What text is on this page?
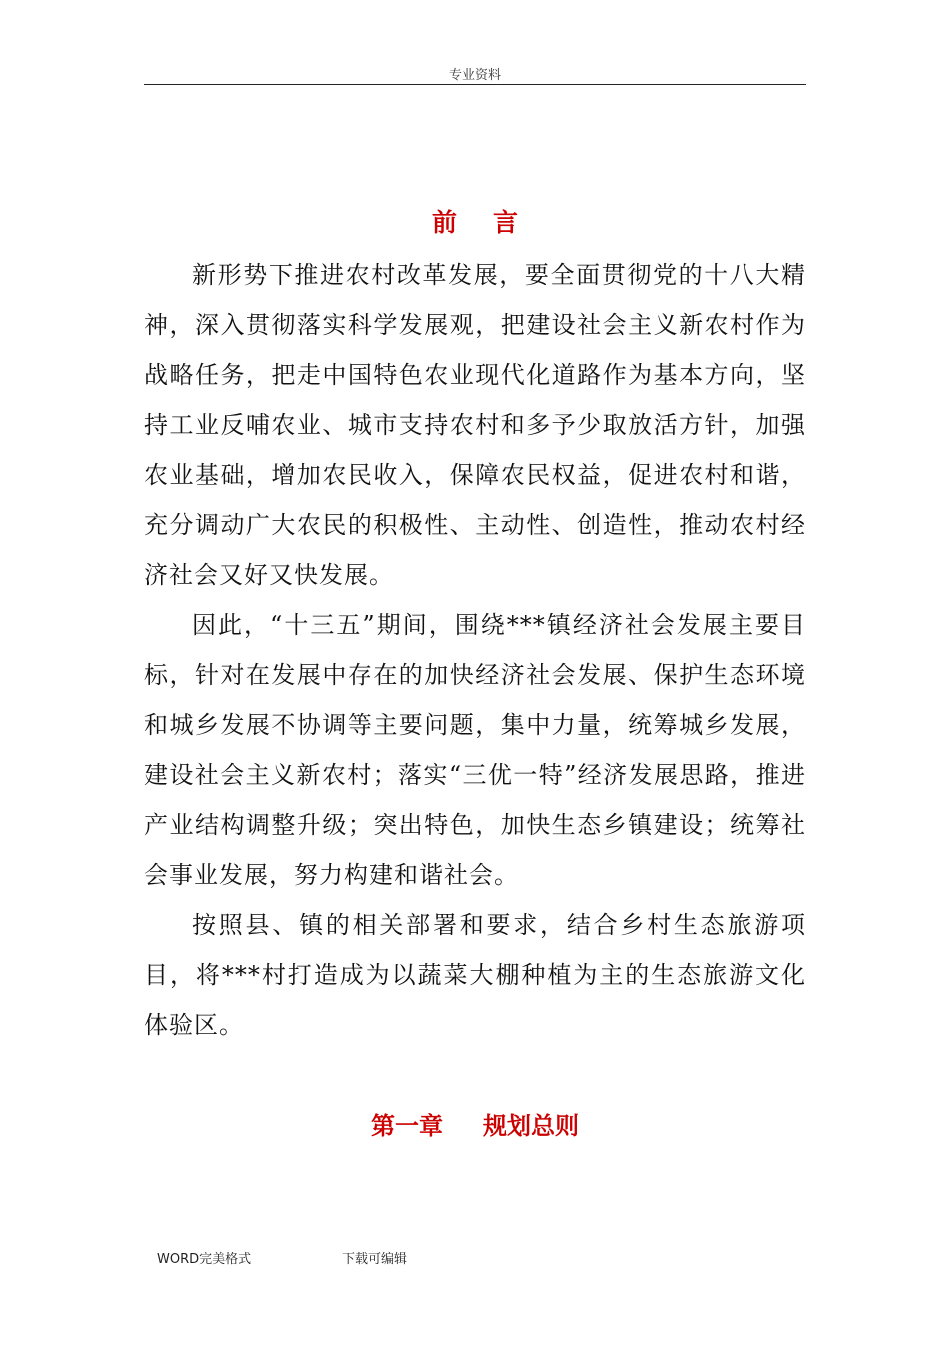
专业资料
前言

新形势下推进农村改革发展，要全面贯彻党的十八大精神，深入贯彻落实科学发展观，把建设社会主义新农村作为战略任务，把走中国特色农业现代化道路作为基本方向，坚持工业反哺农业、城市支持农村和多予少取放活方针，加强农业基础，增加农民收入，保障农民权益，促进农村和谐，充分调动广大农民的积极性、主动性、创造性，推动农村经济社会又好又快发展。

因此，“十三五”期间，围绕***镇经济社会发展主要目标，针对在发展中存在的加快经济社会发展、保护生态环境和城乡发展不协调等主要问题，集中力量，统筹城乡发展，建设社会主义新农村；落实“三优一特”经济发展思路，推进产业结构调整升级；突出特色，加快生态乡镇建设；统筹社会事业发展，努力构建和谐社会。

按照县、镇的相关部署和要求，结合乡村生态旅游项目，将***村打造成为以蔬菜大棚种植为主的生态旅游文化体验区。

第一章 规划总则
WORD完美格式	下载可编辑
